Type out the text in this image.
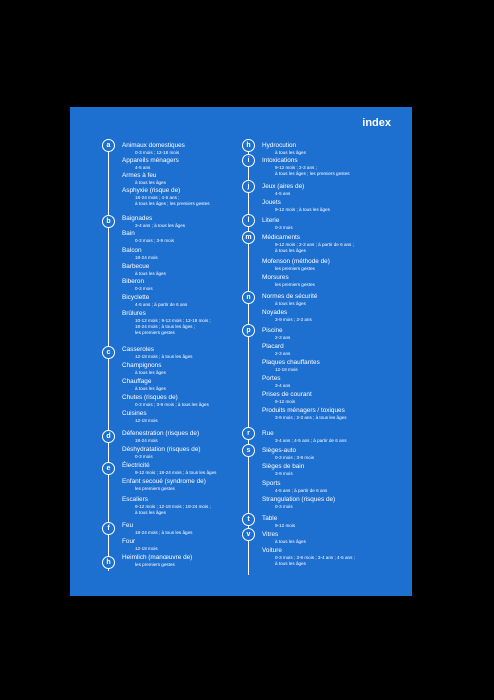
index
a
b
c
d
e
f
h
Animaux domestiques
0-3 mois ; 12-18 mois
Appareils ménagers
4-5 ans
Armes à feu
à tous les âges
Asphyxie (risque de)
18-24 mois ; 4-5 ans ;
à tous les âges ; les premiers gestes
Baignades
3-4 ans ; à tous les âges
Bain
0-3 mois ; 3-9 mois
Balcon
18-24 mois
Barbecue
à tous les âges
Biberon
0-3 mois
Bicyclette
4-5 ans ; à partir de 6 ans
Brûlures
10-12 mois ; 9-12 mois ; 12-18 mois ;
18-24 mois ; à tous les âges ;
les premiers gestes
Casseroles
12-18 mois ; à tous les âges
Champignons
à tous les âges
Chauffage
à tous les âges
Chutes (risques de)
0-3 mois ; 3-9 mois ; à tous les âges
Cuisines
12-18 mois
Défenestration (risques de)
18-24 mois
Déshydratation (risques de)
0-3 mois
Électricité
9-12 mois ; 18-24 mois ; à tous les âges
Enfant secoué (syndrome de)
les premiers gestes
Escaliers
9-12 mois ; 12-18 mois ; 18-24 mois ;
à tous les âges
Feu
18-24 mois ; à tous les âges
Four
12-18 mois
Heimlich (manœuvre de)
les premiers gestes
h
i
j
l
m
n
p
r
s
t
v
Hydrocution
à tous les âges
Intoxications
9-12 mois ; 2-3 ans ;
à tous les âges ; les premiers gestes
Jeux (aires de)
4-5 ans
Jouets
9-12 mois ; à tous les âges
Literie
0-3 mois
Médicaments
9-12 mois ; 2-3 ans ; à partir de 6 ans ;
à tous les âges
Mofenson (méthode de)
les premiers gestes
Morsures
les premiers gestes
Normes de sécurité
à tous les âges
Noyades
3-9 mois ; 2-3 ans
Piscine
2-3 ans
Placard
2-3 ans
Plaques chauffantes
12-18 mois
Portes
3-4 ans
Prises de courant
9-12 mois
Produits ménagers / toxiques
3-9 mois ; 2-3 ans ; à tous les âges
Rue
3-4 ans ; 4-5 ans ; à partir de 6 ans
Sièges-auto
0-3 mois ; 3-9 mois
Sièges de bain
3-9 mois
Sports
4-5 ans ; à partir de 6 ans
Strangulation (risques de)
0-3 mois
Table
9-12 mois
Vitres
à tous les âges
Voiture
0-3 mois ; 3-9 mois ; 3-4 ans ; 4-5 ans ;
à tous les âges
